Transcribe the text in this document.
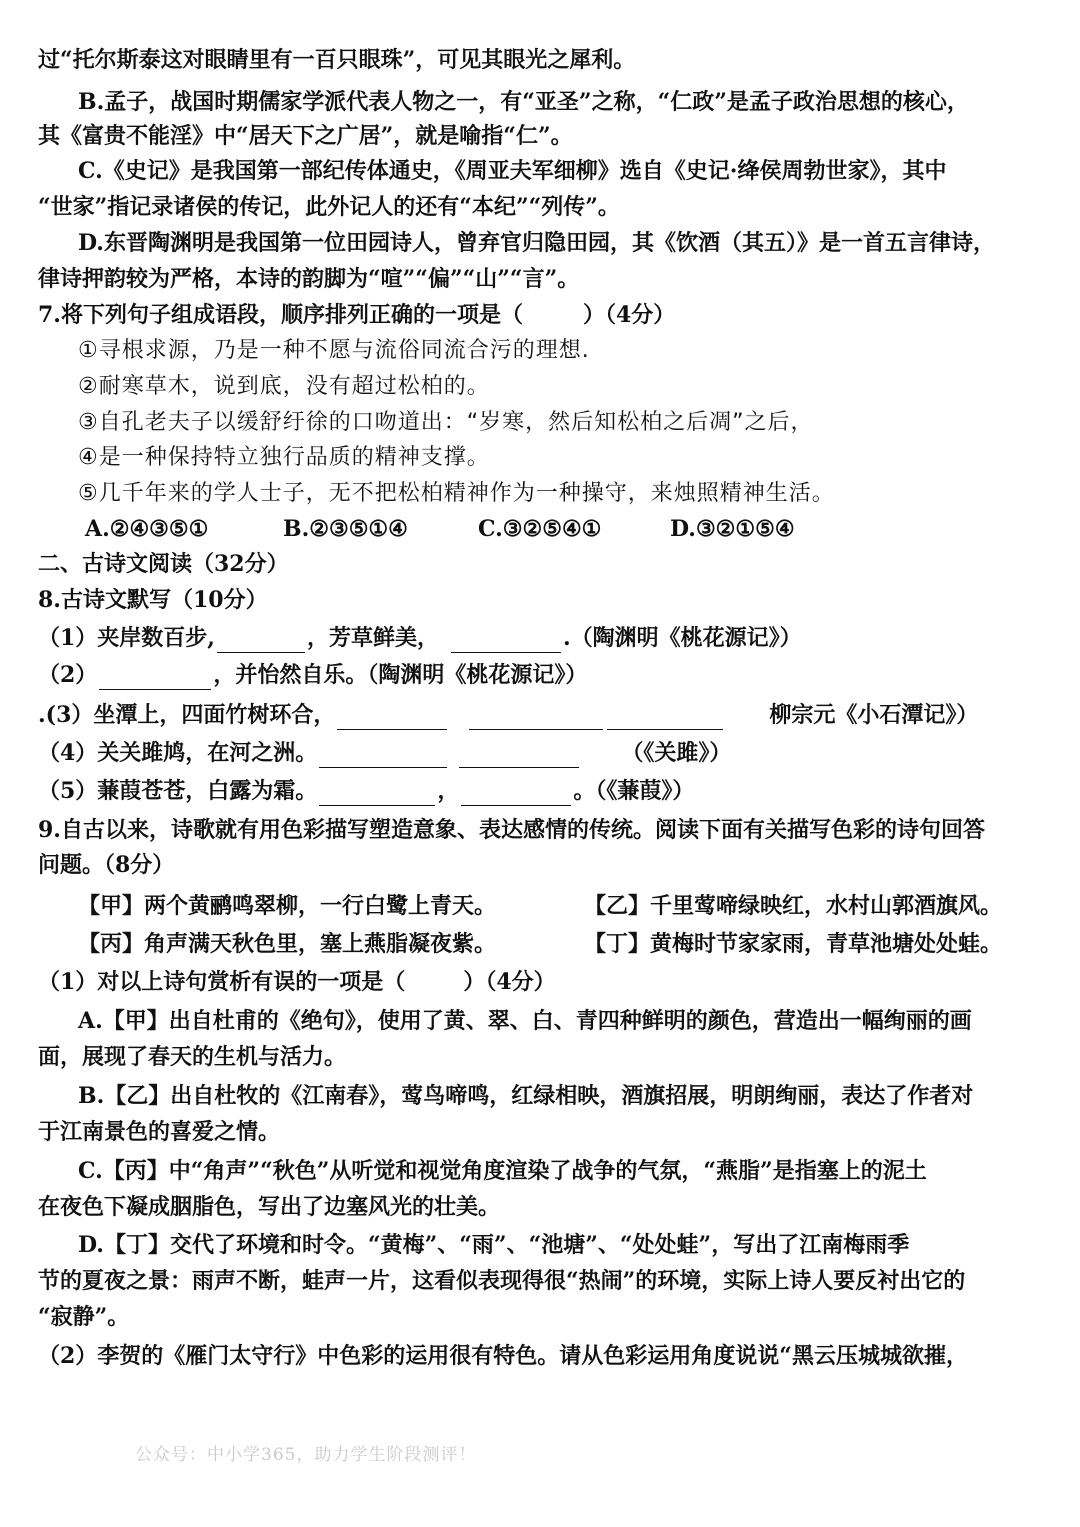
过“托尔斯泰这对眼睛里有一百只眼珠”，可见其眼光之犀利。
B.孟子，战国时期儒家学派代表人物之一，有“亚圣”之称，“仁政”是孟子政治思想的核心，
其《富贵不能淫》中“居天下之广居”，就是喻指“仁”。
C.《史记》是我国第一部纪传体通史，《周亚夫军细柳》选自《史记·绛侯周勃世家》，其中
“世家”指记录诸侯的传记，此外记人的还有“本纪”“列传”。
D.东晋陶渊明是我国第一位田园诗人，曾弃官归隐田园，其《饮酒（其五）》是一首五言律诗，
律诗押韵较为严格，本诗的韵脚为“喧”“偏”“山”“言”。
7.将下列句子组成语段，顺序排列正确的一项是（	）（4分）
①寻根求源，乃是一种不愿与流俗同流合污的理想.
②耐寒草木，说到底，没有超过松柏的。
③自孔老夫子以缓舒纡徐的口吻道出：“岁寒，然后知松柏之后凋”之后，
④是一种保持特立独行品质的精神支撑。
⑤几千年来的学人士子，无不把松柏精神作为一种操守，来烛照精神生活。
A.②④③⑤①	B.②③⑤①④	C.③②⑤④①	D.③②①⑤④
二、古诗文阅读（32分）
8.古诗文默写（10分）
（1）夹岸数百步,	，芳草鲜美，	.（陶渊明《桃花源记》）
（2）	，并怡然自乐。（陶渊明《桃花源记》）
.(3）坐潭上，四面竹树环合，	柳宗元《小石潭记》）
（4）关关雎鸠，在河之洲。	（《关雎》）
（5）蒹葭苍苍，白露为霜。	，	。（《蒹葭》）
9.自古以来，诗歌就有用色彩描写塑造意象、表达感情的传统。阅读下面有关描写色彩的诗句回答
问题。（8分）
【甲】两个黄鹂鸣翠柳，一行白鹭上青天。	【乙】千里莺啼绿映红，水村山郭酒旗风。
【丙】角声满天秋色里，塞上燕脂凝夜紫。	【丁】黄梅时节家家雨，青草池塘处处蛙。
（1）对以上诗句赏析有误的一项是（	）（4分）
A.【甲】出自杜甫的《绝句》，使用了黄、翠、白、青四种鲜明的颜色，营造出一幅绚丽的画
面，展现了春天的生机与活力。
B.【乙】出自杜牧的《江南春》，莺鸟啼鸣，红绿相映，酒旗招展，明朗绚丽，表达了作者对
于江南景色的喜爱之情。
C.【丙】中“角声”“秋色”从听觉和视觉角度渲染了战争的气氛，“燕脂”是指塞上的泥土
在夜色下凝成胭脂色，写出了边塞风光的壮美。
D.【丁】交代了环境和时令。“黄梅”、“雨”、“池塘”、“处处蛙”，写出了江南梅雨季
节的夏夜之景：雨声不断，蛙声一片，这看似表现得很“热闹”的环境，实际上诗人要反衬出它的
“寂静”。
（2）李贺的《雁门太守行》中色彩的运用很有特色。请从色彩运用角度说说“黑云压城城欲摧，
公众号：中小学365，助力学生阶段测评！
